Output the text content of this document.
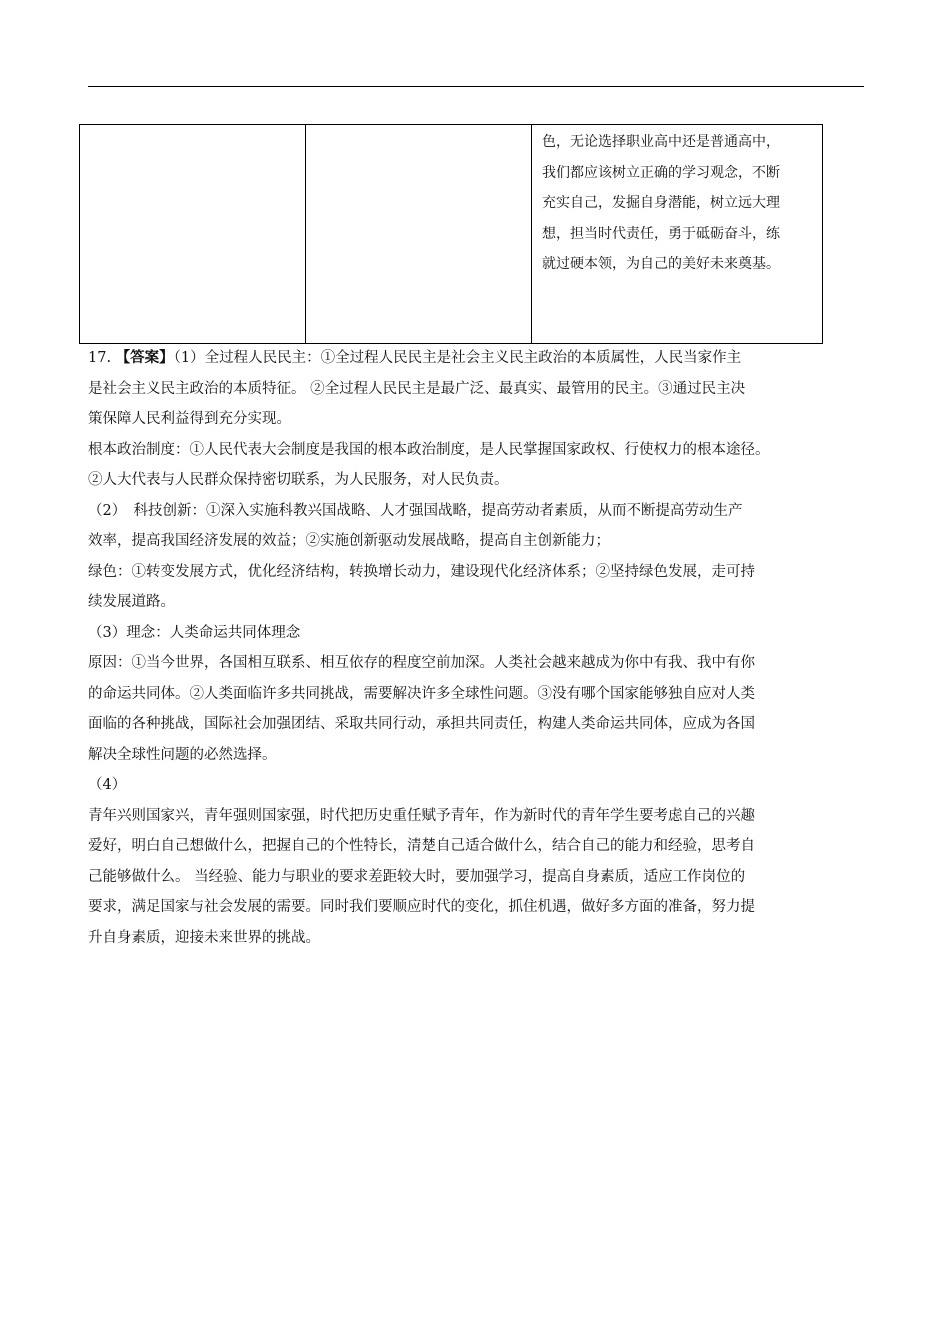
色，无论选择职业高中还是普通高中，
我们都应该树立正确的学习观念，不断
充实自己，发掘自身潜能，树立远大理
想，担当时代责任，勇于砥砺奋斗，练
就过硬本领，为自己的美好未来奠基。
17. 【答案】（1）全过程人民民主：①全过程人民民主是社会主义民主政治的本质属性，人民当家作主
是社会主义民主政治的本质特征。 ②全过程人民民主是最广泛、最真实、最管用的民主。③通过民主决
策保障人民利益得到充分实现。
根本政治制度：①人民代表大会制度是我国的根本政治制度，是人民掌握国家政权、行使权力的根本途径。
②人大代表与人民群众保持密切联系，为人民服务，对人民负责。
（2）　科技创新：①深入实施科教兴国战略、人才强国战略，提高劳动者素质，从而不断提高劳动生产
效率，提高我国经济发展的效益；②实施创新驱动发展战略，提高自主创新能力；
绿色：①转变发展方式，优化经济结构，转换增长动力，建设现代化经济体系；②坚持绿色发展，走可持
续发展道路。
（3）理念：人类命运共同体理念
原因：①当今世界，各国相互联系、相互依存的程度空前加深。人类社会越来越成为你中有我、我中有你
的命运共同体。②人类面临许多共同挑战，需要解决许多全球性问题。③没有哪个国家能够独自应对人类
面临的各种挑战，国际社会加强团结、采取共同行动，承担共同责任，构建人类命运共同体，应成为各国
解决全球性问题的必然选择。
（4）
青年兴则国家兴，青年强则国家强，时代把历史重任赋予青年，作为新时代的青年学生要考虑自己的兴趣
爱好，明白自己想做什么，把握自己的个性特长，清楚自己适合做什么，结合自己的能力和经验，思考自
己能够做什么。 当经验、能力与职业的要求差距较大时，要加强学习，提高自身素质，适应工作岗位的
要求，满足国家与社会发展的需要。同时我们要顺应时代的变化，抓住机遇，做好多方面的准备，努力提
升自身素质，迎接未来世界的挑战。
